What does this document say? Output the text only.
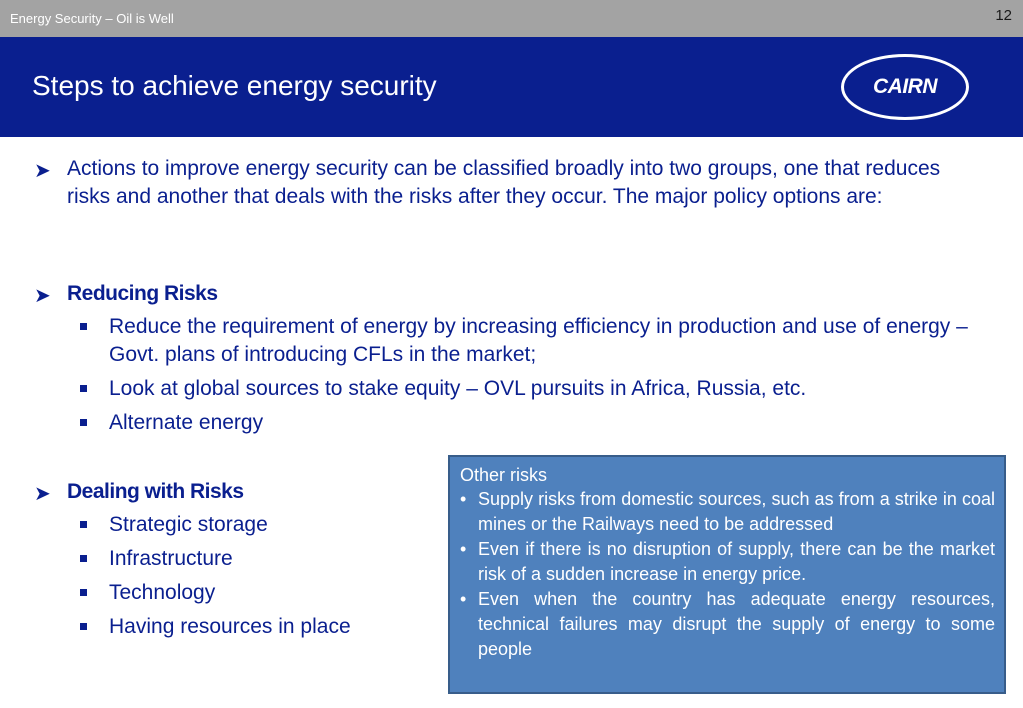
Energy Security – Oil is Well	12
Steps to achieve energy security	CAIRN
➤ Actions to improve energy security can be classified broadly into two groups, one that reduces risks and another that deals with the risks after they occur. The major policy options are:
➤ Reducing Risks
Reduce the requirement of energy by increasing efficiency in production and use of energy – Govt. plans of introducing CFLs in the market;
Look at global sources to stake equity – OVL pursuits in Africa, Russia, etc.
Alternate energy
➤ Dealing with Risks
Strategic storage
Infrastructure
Technology
Having resources in place
Other risks
• Supply risks from domestic sources, such as from a strike in coal mines or the Railways need to be addressed
• Even if there is no disruption of supply, there can be the market risk of a sudden increase in energy price.
• Even when the country has adequate energy resources, technical failures may disrupt the supply of energy to some people
